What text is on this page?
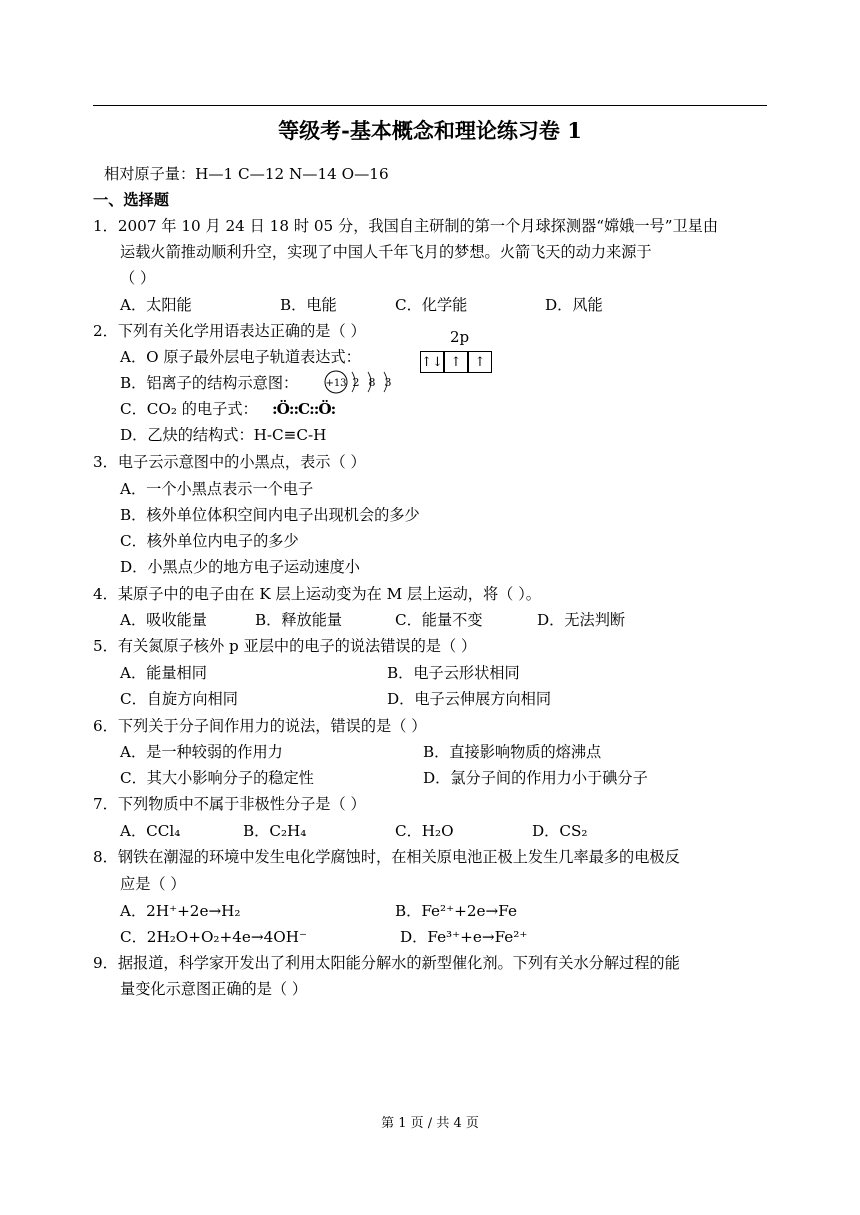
等级考-基本概念和理论练习卷 1
相对原子量：H—1 C—12 N—14 O—16
一、选择题
1．2007 年 10 月 24 日 18 时 05 分，我国自主研制的第一个月球探测器“嫦娥一号”卫星由
运载火箭推动顺利升空，实现了中国人千年飞月的梦想。火箭飞天的动力来源于
（ ）
A．太阳能	B．电能	C．化学能	D．风能
2．下列有关化学用语表达正确的是（ ）	2p
A．O 原子最外层电子轨道表达式：	↑↓ ↑	↑
B．铝离子的结构示意图：	+13 2 8 3
C．CO₂ 的电子式： :Ö::C::Ö:
D．乙炔的结构式：H-C≡C-H
3．电子云示意图中的小黑点，表示（ ）
A．一个小黑点表示一个电子
B．核外单位体积空间内电子出现机会的多少
C．核外单位内电子的多少
D．小黑点少的地方电子运动速度小
4．某原子中的电子由在 K 层上运动变为在 M 层上运动，将（ ）。
A．吸收能量	B．释放能量	C．能量不变	D．无法判断
5．有关氮原子核外 p 亚层中的电子的说法错误的是（ ）
A．能量相同	B．电子云形状相同
C．自旋方向相同	D．电子云伸展方向相同
6．下列关于分子间作用力的说法，错误的是（ ）
A．是一种较弱的作用力	B．直接影响物质的熔沸点
C．其大小影响分子的稳定性	D．氯分子间的作用力小于碘分子
7．下列物质中不属于非极性分子是（ ）
A．CCl₄	B．C₂H₄	C．H₂O	D．CS₂
8．钢铁在潮湿的环境中发生电化学腐蚀时，在相关原电池正极上发生几率最多的电极反
应是（ ）
A．2H⁺+2e→H₂	B．Fe²⁺+2e→Fe
C．2H₂O+O₂+4e→4OH⁻	D．Fe³⁺+e→Fe²⁺
9．据报道，科学家开发出了利用太阳能分解水的新型催化剂。下列有关水分解过程的能
量变化示意图正确的是（ ）
第 1 页 / 共 4 页
